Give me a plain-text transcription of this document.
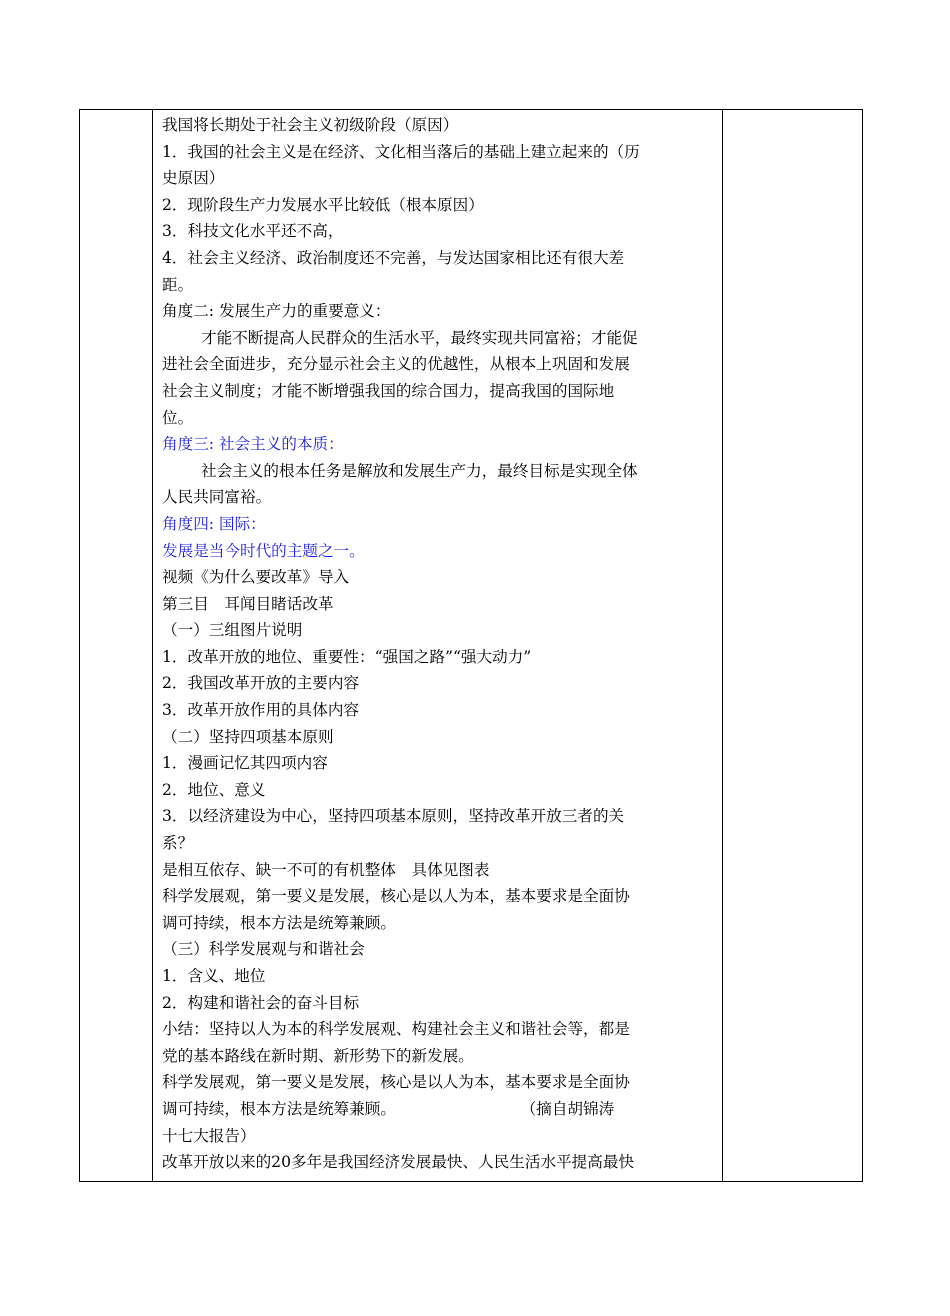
我国将长期处于社会主义初级阶段（原因）
1．我国的社会主义是在经济、文化相当落后的基础上建立起来的（历
史原因）
2．现阶段生产力发展水平比较低（根本原因）
3．科技文化水平还不高，
4．社会主义经济、政治制度还不完善，与发达国家相比还有很大差
距。
角度二: 发展生产力的重要意义：
才能不断提高人民群众的生活水平，最终实现共同富裕；才能促
进社会全面进步，充分显示社会主义的优越性，从根本上巩固和发展
社会主义制度；才能不断增强我国的综合国力，提高我国的国际地
位。
角度三: 社会主义的本质：
社会主义的根本任务是解放和发展生产力，最终目标是实现全体
人民共同富裕。
角度四: 国际：
发展是当今时代的主题之一。
视频《为什么要改革》导入
第三目　耳闻目睹话改革
（一）三组图片说明
1．改革开放的地位、重要性：“强国之路”“强大动力”
2．我国改革开放的主要内容
3．改革开放作用的具体内容
（二）坚持四项基本原则
1．漫画记忆其四项内容
2．地位、意义
3．以经济建设为中心，坚持四项基本原则，坚持改革开放三者的关
系？
是相互依存、缺一不可的有机整体　具体见图表
科学发展观，第一要义是发展，核心是以人为本，基本要求是全面协
调可持续，根本方法是统筹兼顾。
（三）科学发展观与和谐社会
1．含义、地位
2．构建和谐社会的奋斗目标
小结：坚持以人为本的科学发展观、构建社会主义和谐社会等，都是
党的基本路线在新时期、新形势下的新发展。
科学发展观，第一要义是发展，核心是以人为本，基本要求是全面协
调可持续，根本方法是统筹兼顾。　　　　　　　　　（摘自胡锦涛
十七大报告）
改革开放以来的20多年是我国经济发展最快、人民生活水平提高最快
